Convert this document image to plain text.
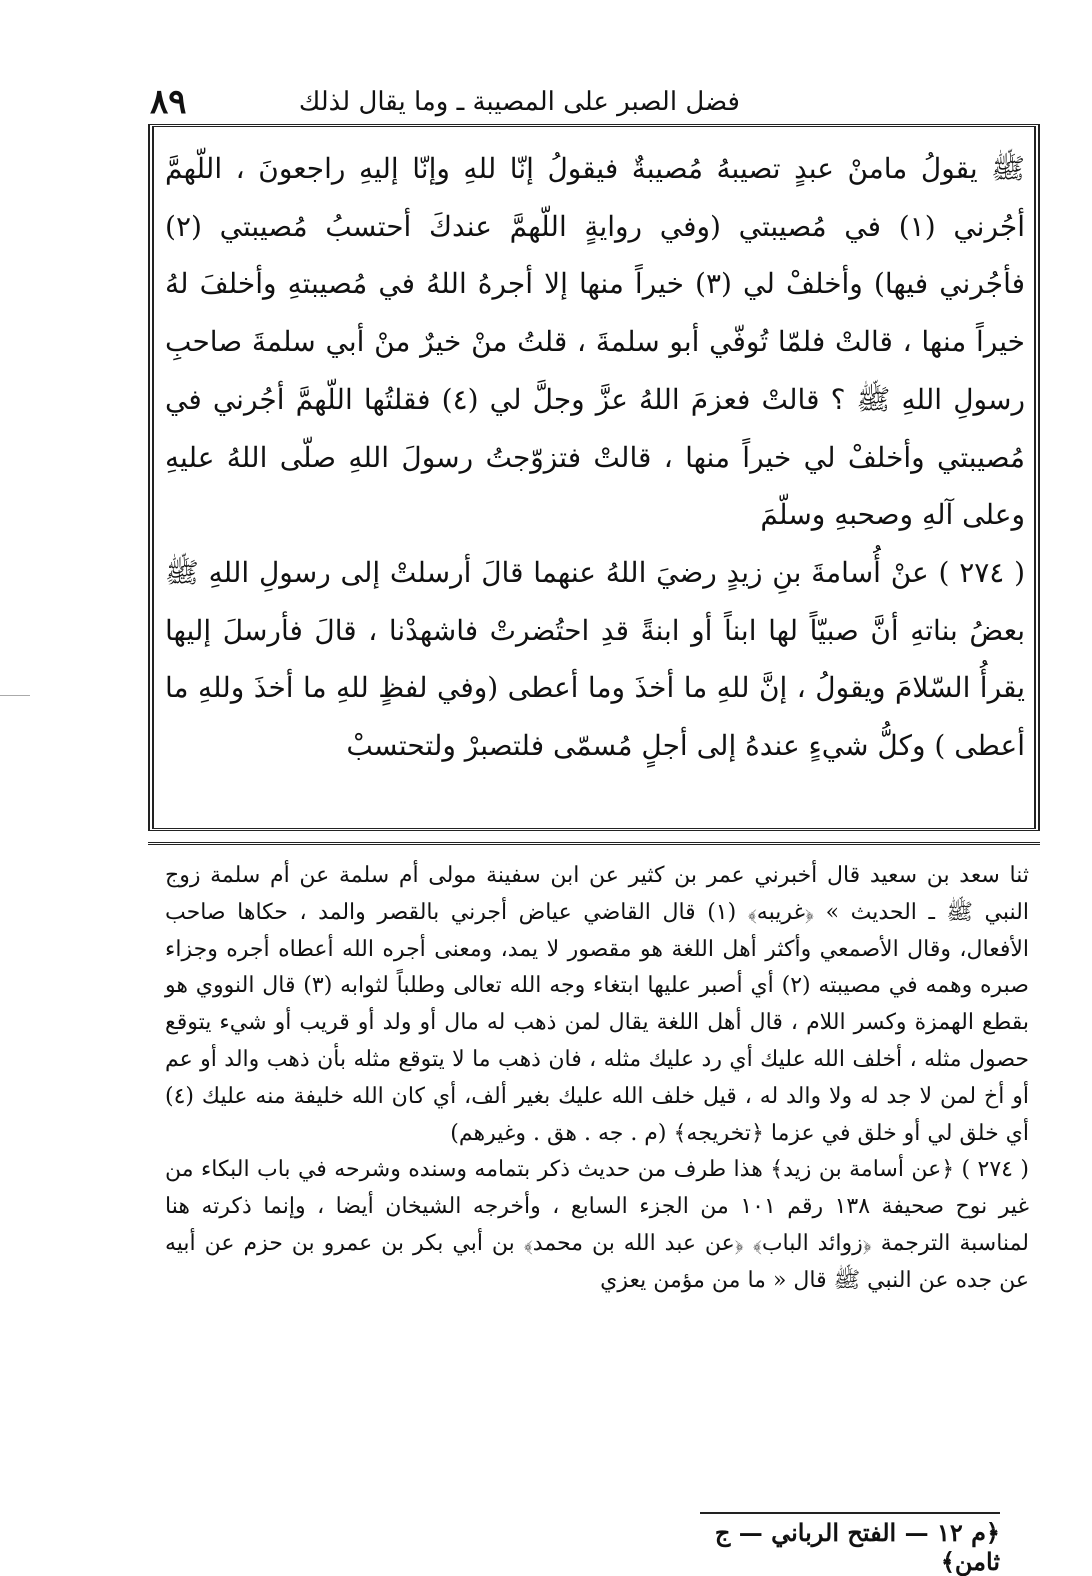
فضل الصبر على المصيبة ـ وما يقال لذلك
٨٩

ﷺ يقولُ مامنْ عبدٍ تصيبهُ مُصيبةٌ فيقولُ إنّا للهِ وإنّا إليهِ راجعونَ ، اللّهمَّ أجُرني (١) في مُصيبتي (وفي روايةٍ اللّهمَّ عندكَ أحتسبُ مُصيبتي (٢) فأجُرني فيها) وأخلفْ لي (٣) خيراً منها إلا أجرهُ اللهُ في مُصيبتهِ وأخلفَ لهُ خيراً منها ، قالتْ فلمّا تُوفّي أبو سلمةَ ، قلتُ منْ خيرٌ منْ أبي سلمةَ صاحبِ رسولِ اللهِ ﷺ ؟ قالتْ فعزمَ اللهُ عزَّ وجلَّ لي (٤) فقلتُها اللّهمَّ أجُرني في مُصيبتي وأخلفْ لي خيراً منها ، قالتْ فتزوّجتُ رسولَ اللهِ صلّى اللهُ عليهِ وعلى آلهِ وصحبهِ وسلّمَ

( ٢٧٤ ) عنْ أُسامةَ بنِ زيدٍ رضيَ اللهُ عنهما قالَ أرسلتْ إلى رسولِ اللهِ ﷺ بعضُ بناتهِ أنَّ صبيّاً لها ابناً أو ابنةً قدِ احتُضرتْ فاشهدْنا ، قالَ فأرسلَ إليها يقرأُ السّلامَ ويقولُ ، إنَّ للهِ ما أخذَ وما أعطى (وفي لفظٍ للهِ ما أخذَ وللهِ ما أعطى ) وكلُّ شيءٍ عندهُ إلى أجلٍ مُسمّى فلتصبرْ ولتحتسبْ

ثنا سعد بن سعيد قال أخبرني عمر بن كثير عن ابن سفينة مولى أم سلمة عن أم سلمة زوج النبي ﷺ ـ الحديث » ﴿غريبه﴾ (١) قال القاضي عياض أجرني بالقصر والمد ، حكاها صاحب الأفعال، وقال الأصمعي وأكثر أهل اللغة هو مقصور لا يمد، ومعنى أجره الله أعطاه أجره وجزاء صبره وهمه في مصيبته (٢) أي أصبر عليها ابتغاء وجه الله تعالى وطلباً لثوابه (٣) قال النووي هو بقطع الهمزة وكسر اللام ، قال أهل اللغة يقال لمن ذهب له مال أو ولد أو قريب أو شيء يتوقع حصول مثله ، أخلف الله عليك أي رد عليك مثله ، فان ذهب ما لا يتوقع مثله بأن ذهب والد أو عم أو أخ لمن لا جد له ولا والد له ، قيل خلف الله عليك بغير ألف، أي كان الله خليفة منه عليك (٤) أي خلق لي أو خلق في عزما ﴿تخريجه﴾ (م . جه . هق . وغيرهم)

( ٢٧٤ ) ﴿عن أسامة بن زيد﴾ هذا طرف من حديث ذكر بتمامه وسنده وشرحه في باب البكاء من غير نوح صحيفة ١٣٨ رقم ١٠١ من الجزء السابع ، وأخرجه الشيخان أيضا ، وإنما ذكرته هنا لمناسبة الترجمة ﴿زوائد الباب﴾ ﴿عن عبد الله بن محمد﴾ بن أبي بكر بن عمرو بن حزم عن أبيه عن جده عن النبي ﷺ قال « ما من مؤمن يعزي

﴿م ١٢ — الفتح الرباني — ج ثامن﴾
